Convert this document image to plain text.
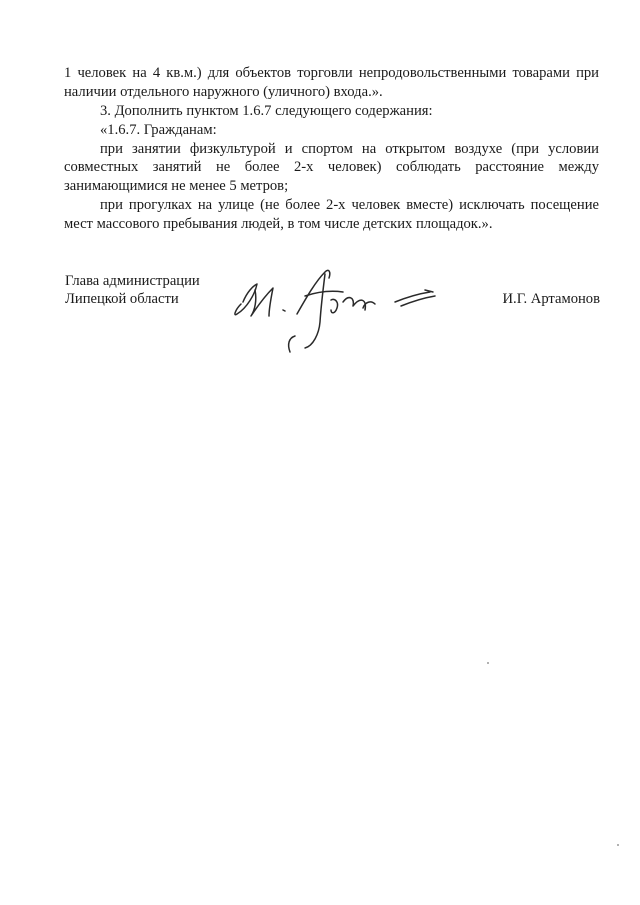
1 человек на 4 кв.м.) для объектов торговли непродовольственными товарами при
наличии отдельного наружного (уличного) входа.».
3. Дополнить пунктом 1.6.7 следующего содержания:
«1.6.7. Гражданам:
при занятии физкультурой и спортом на открытом воздухе (при условии
совместных занятий не более 2-х человек) соблюдать расстояние между
занимающимися не менее 5 метров;
при прогулках на улице (не более 2-х человек вместе) исключать посещение
мест массового пребывания людей, в том числе детских площадок.».
Глава администрации
Липецкой области	И.Г. Артамонов
